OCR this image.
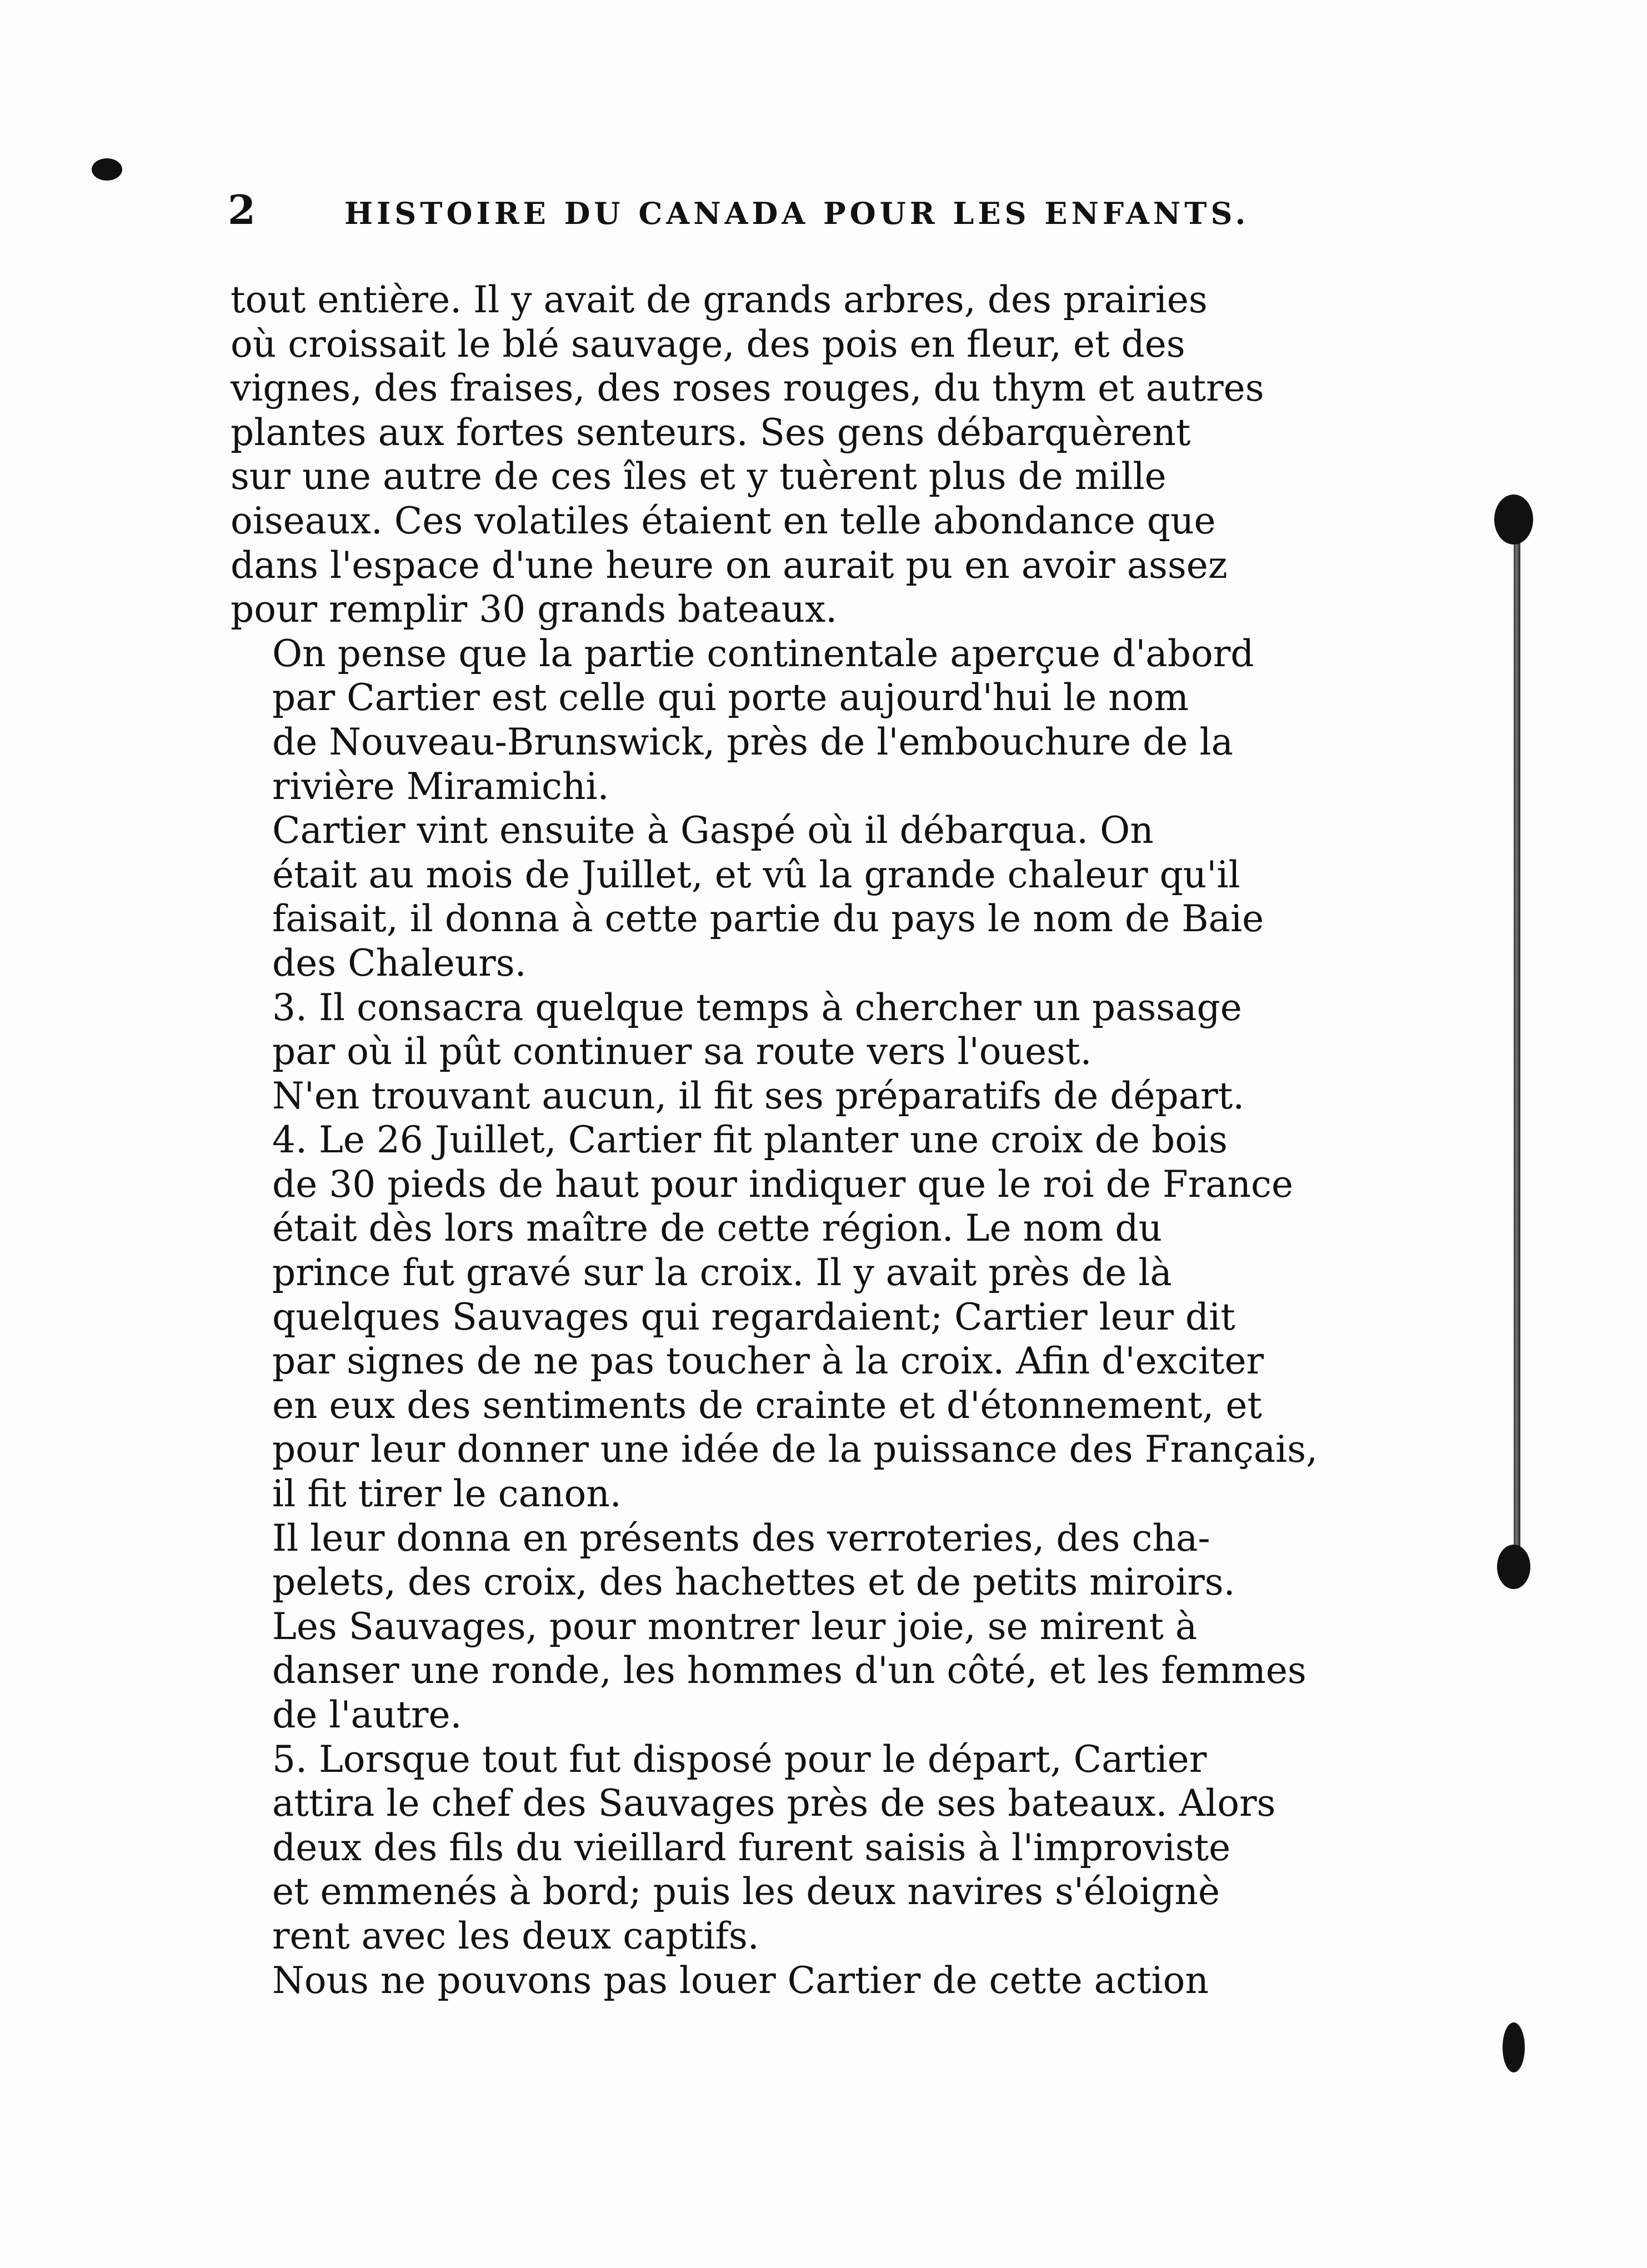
2	HISTOIRE DU CANADA POUR LES ENFANTS.

tout entière. Il y avait de grands arbres, des prairies
où croissait le blé sauvage, des pois en fleur, et des
vignes, des fraises, des roses rouges, du thym et autres
plantes aux fortes senteurs. Ses gens débarquèrent
sur une autre de ces îles et y tuèrent plus de mille
oiseaux. Ces volatiles étaient en telle abondance que
dans l'espace d'une heure on aurait pu en avoir assez
pour remplir 30 grands bateaux.

On pense que la partie continentale aperçue d'abord
par Cartier est celle qui porte aujourd'hui le nom
de Nouveau-Brunswick, près de l'embouchure de la
rivière Miramichi.

Cartier vint ensuite à Gaspé où il débarqua. On
était au mois de Juillet, et vû la grande chaleur qu'il
faisait, il donna à cette partie du pays le nom de Baie
des Chaleurs.

3. Il consacra quelque temps à chercher un passage
par où il pût continuer sa route vers l'ouest.

N'en trouvant aucun, il fit ses préparatifs de départ.

4. Le 26 Juillet, Cartier fit planter une croix de bois
de 30 pieds de haut pour indiquer que le roi de France
était dès lors maître de cette région. Le nom du
prince fut gravé sur la croix. Il y avait près de là
quelques Sauvages qui regardaient; Cartier leur dit
par signes de ne pas toucher à la croix. Afin d'exciter
en eux des sentiments de crainte et d'étonnement, et
pour leur donner une idée de la puissance des Français,
il fit tirer le canon.

Il leur donna en présents des verroteries, des cha-
pelets, des croix, des hachettes et de petits miroirs.
Les Sauvages, pour montrer leur joie, se mirent à
danser une ronde, les hommes d'un côté, et les femmes
de l'autre.

5. Lorsque tout fut disposé pour le départ, Cartier
attira le chef des Sauvages près de ses bateaux. Alors
deux des fils du vieillard furent saisis à l'improviste
et emmenés à bord; puis les deux navires s'éloignè
rent avec les deux captifs.

Nous ne pouvons pas louer Cartier de cette action
